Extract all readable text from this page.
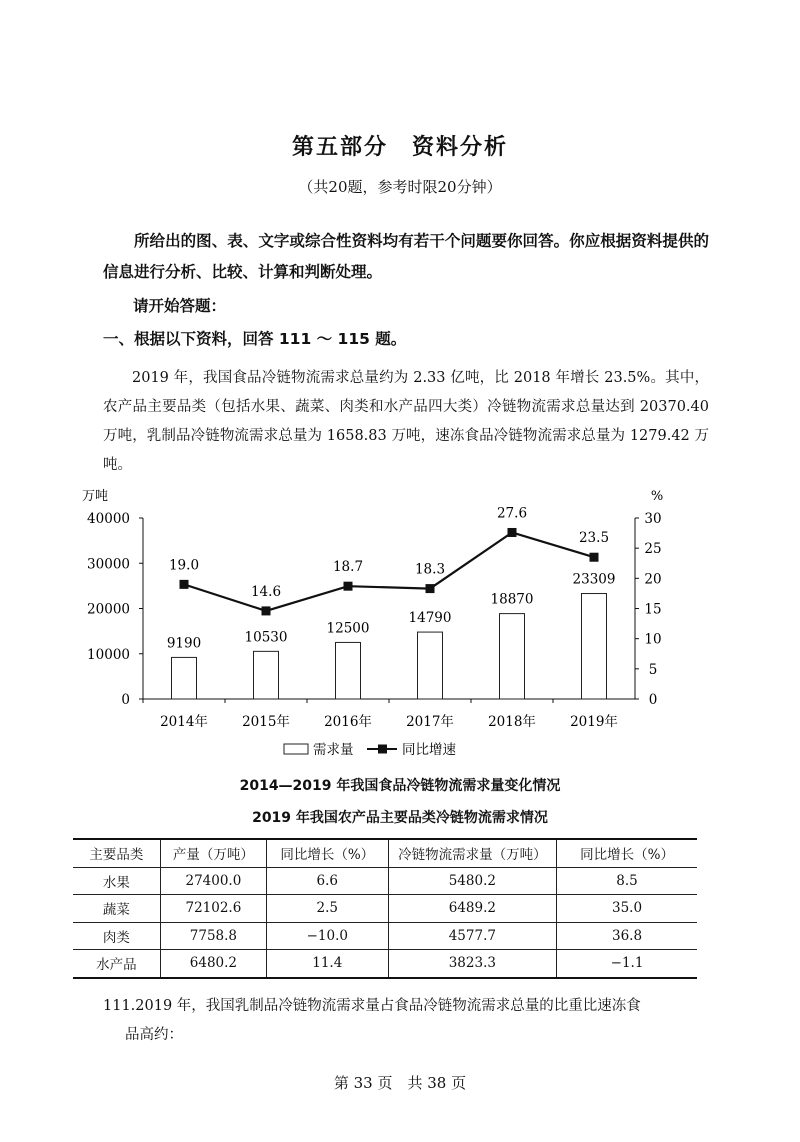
第五部分　资料分析
（共20题，参考时限20分钟）
所给出的图、表、文字或综合性资料均有若干个问题要你回答。你应根据资料提供的信息进行分析、比较、计算和判断处理。
请开始答题：
一、根据以下资料，回答 111 ～ 115 题。
2019 年，我国食品冷链物流需求总量约为 2.33 亿吨，比 2018 年增长 23.5%。其中，农产品主要品类（包括水果、蔬菜、肉类和水产品四大类）冷链物流需求总量达到 20370.40 万吨，乳制品冷链物流需求总量为 1658.83 万吨，速冻食品冷链物流需求总量为 1279.42 万吨。
万吨	%
0
10000
20000
30000
40000
0
5
10
15
20
25
30
2014年	2015年	2016年	2017年	2018年	2019年
9190	10530
12500
14790
18870
23309
19.0
14.6
18.7	18.3
27.6
23.5
需求量	同比增速
2014—2019 年我国食品冷链物流需求量变化情况
2019 年我国农产品主要品类冷链物流需求情况
主要品类	产量（万吨）	同比增长（%）	冷链物流需求量（万吨）	同比增长（%）
水果	27400.0	6.6	5480.2	8.5
蔬菜	72102.6	2.5	6489.2	35.0
肉类	7758.8	−10.0	4577.7	36.8
水产品	6480.2	11.4	3823.3	−1.1
111.2019 年，我国乳制品冷链物流需求量占食品冷链物流需求总量的比重比速冻食
品高约：
第 33 页　共 38 页
